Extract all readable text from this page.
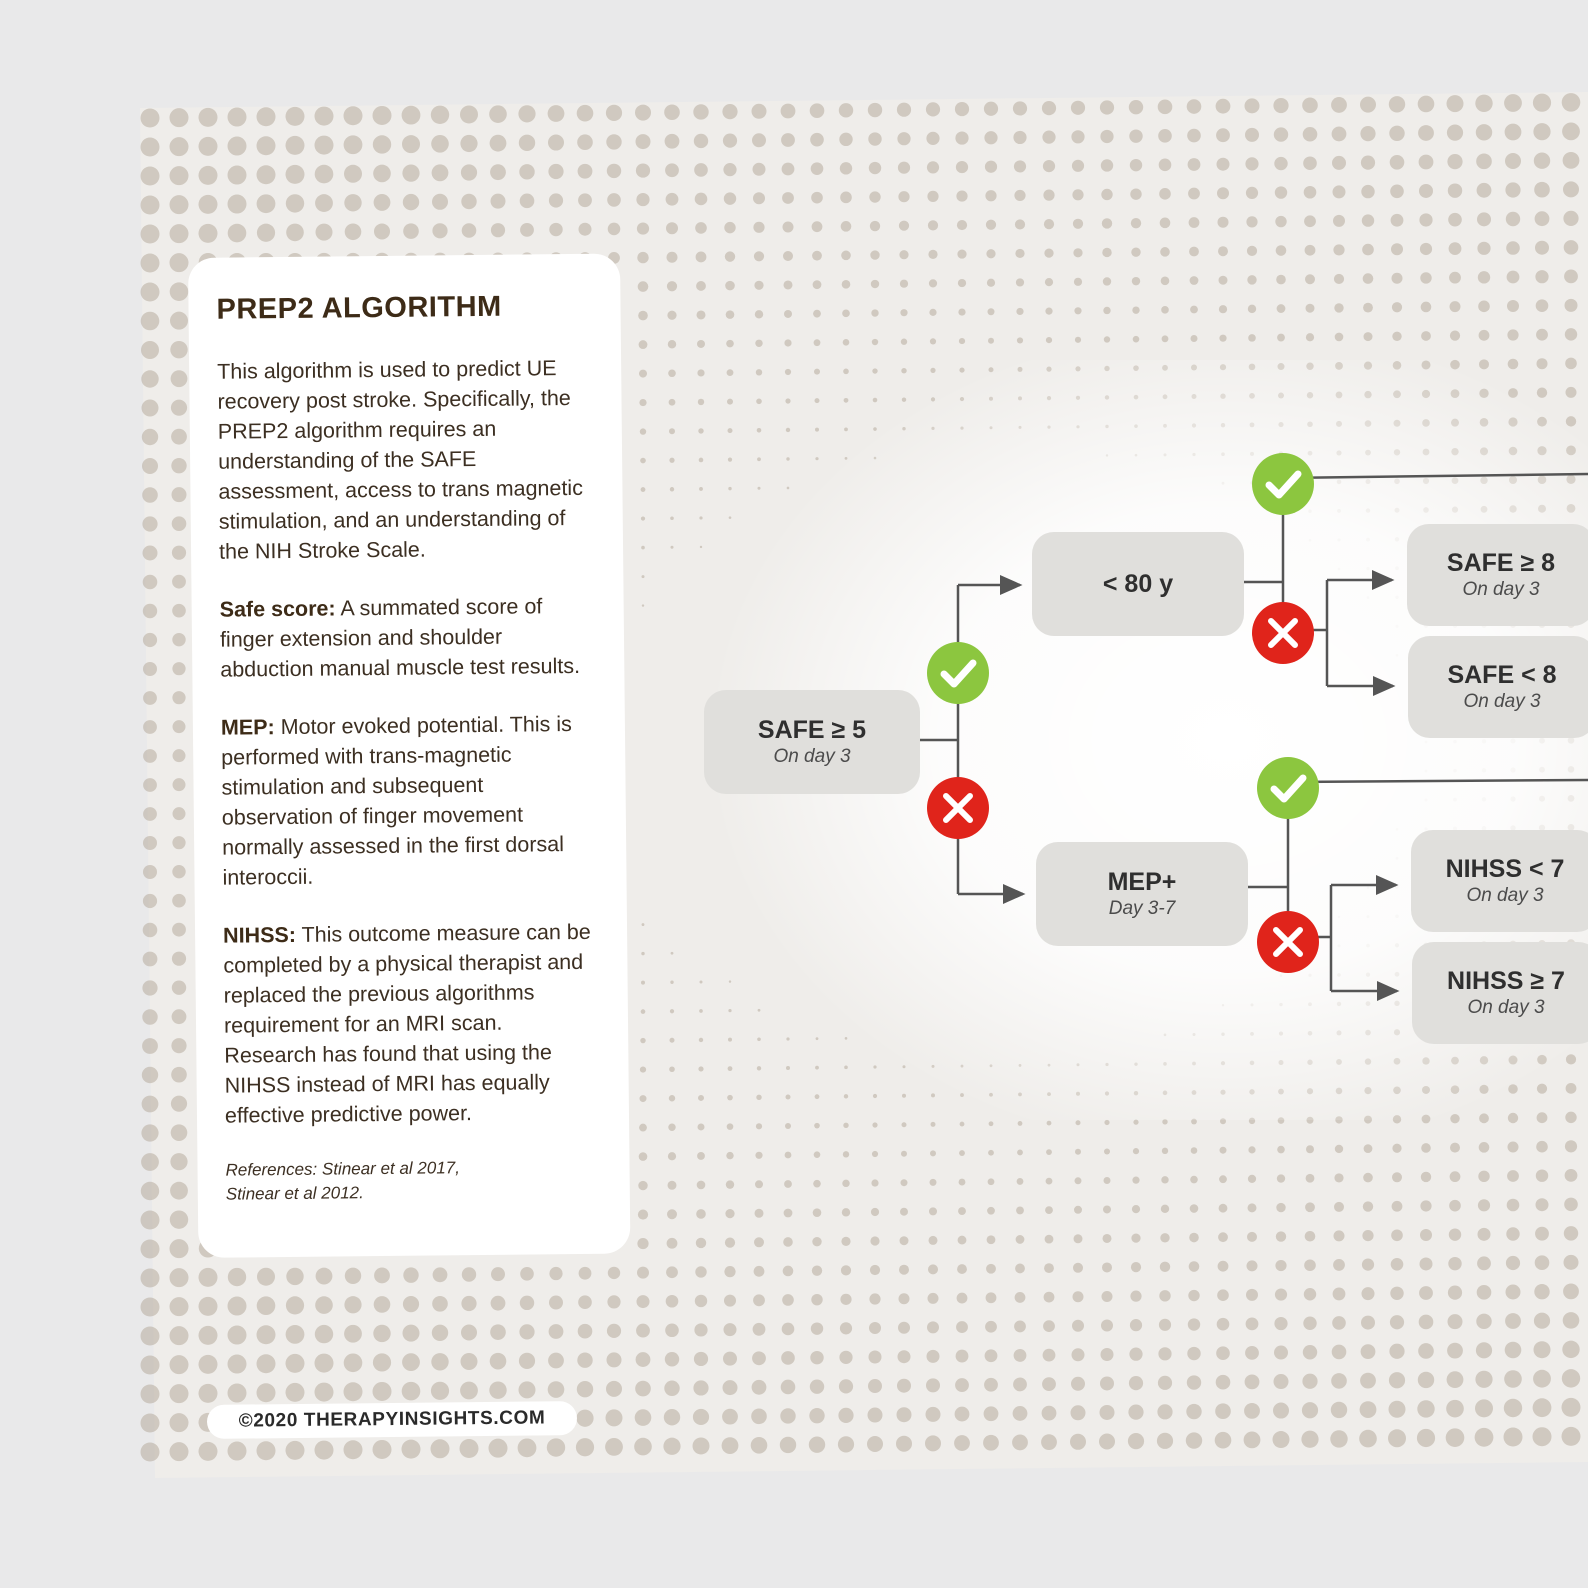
PREP2 ALGORITHM

This algorithm is used to predict UE recovery post stroke. Specifically, the PREP2 algorithm requires an understanding of the SAFE assessment, access to trans magnetic stimulation, and an understanding of the NIH Stroke Scale.

Safe score: A summated score of finger extension and shoulder abduction manual muscle test results.

MEP: Motor evoked potential. This is performed with trans-magnetic stimulation and subsequent observation of finger movement normally assessed in the first dorsal interoccii.

NIHSS: This outcome measure can be completed by a physical therapist and replaced the previous algorithms requirement for an MRI scan. Research has found that using the NIHSS instead of MRI has equally effective predictive power.

References: Stinear et al 2017,
Stinear et al 2012.
©2020 THERAPYINSIGHTS.COM
SAFE ≥ 5
On day 3
< 80 y
MEP+
Day 3-7
SAFE ≥ 8
On day 3
SAFE < 8
On day 3
NIHSS < 7
On day 3
NIHSS ≥ 7
On day 3
